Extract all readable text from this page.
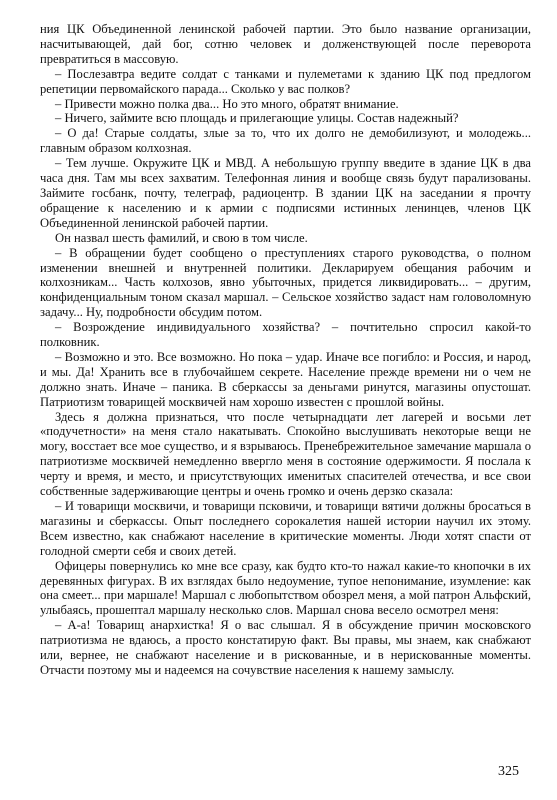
ния ЦК Объединенной ленинской рабочей партии. Это было название организации, насчитывающей, дай бог, сотню человек и долженствующей после переворота превратиться в массовую.

– Послезавтра ведите солдат с танками и пулеметами к зданию ЦК под предлогом репетиции первомайского парада... Сколько у вас полков?

– Привести можно полка два... Но это много, обратят внимание.

– Ничего, займите всю площадь и прилегающие улицы. Состав надежный?

– О да! Старые солдаты, злые за то, что их долго не демобилизуют, и молодежь... главным образом колхозная.

– Тем лучше. Окружите ЦК и МВД. А небольшую группу введите в здание ЦК в два часа дня. Там мы всех захватим. Телефонная линия и вообще связь будут парализованы. Займите госбанк, почту, телеграф, радиоцентр. В здании ЦК на заседании я прочту обращение к населению и к армии с подписями истинных ленинцев, членов ЦК Объединенной ленинской рабочей партии.

Он назвал шесть фамилий, и свою в том числе.

– В обращении будет сообщено о преступлениях старого руководства, о полном изменении внешней и внутренней политики. Декларируем обещания рабочим и колхозникам... Часть колхозов, явно убыточных, придется ликвидировать... – другим, конфиденциальным тоном сказал маршал. – Сельское хозяйство задаст нам головоломную задачу... Ну, подробности обсудим потом.

– Возрождение индивидуального хозяйства? – почтительно спросил какой-то полковник.

– Возможно и это. Все возможно. Но пока – удар. Иначе все погибло: и Россия, и народ, и мы. Да! Хранить все в глубочайшем секрете. Население прежде времени ни о чем не должно знать. Иначе – паника. В сберкассы за деньгами ринутся, магазины опустошат. Патриотизм товарищей москвичей нам хорошо известен с прошлой войны.

Здесь я должна признаться, что после четырнадцати лет лагерей и восьми лет «подучетности» на меня стало накатывать. Спокойно выслушивать некоторые вещи не могу, восстает все мое существо, и я взрываюсь. Пренебрежительное замечание маршала о патриотизме москвичей немедленно ввергло меня в состояние одержимости. Я послала к черту и время, и место, и присутствующих именитых спасителей отечества, и все свои собственные задерживающие центры и очень громко и очень дерзко сказала:

– И товарищи москвичи, и товарищи псковичи, и товарищи вятичи должны бросаться в магазины и сберкассы. Опыт последнего сорокалетия нашей истории научил их этому. Всем известно, как снабжают население в критические моменты. Люди хотят спасти от голодной смерти себя и своих детей.

Офицеры повернулись ко мне все сразу, как будто кто-то нажал какие-то кнопочки в их деревянных фигурах. В их взглядах было недоумение, тупое непонимание, изумление: как она смеет... при маршале! Маршал с любопытством обозрел меня, а мой патрон Альфский, улыбаясь, прошептал маршалу несколько слов. Маршал снова весело осмотрел меня:

– А-а! Товарищ анархистка! Я о вас слышал. Я в обсуждение причин московского патриотизма не вдаюсь, а просто констатирую факт. Вы правы, мы знаем, как снабжают или, вернее, не снабжают население и в рискованные, и в нерискованные моменты. Отчасти поэтому мы и надеемся на сочувствие населения к нашему замыслу.

325
